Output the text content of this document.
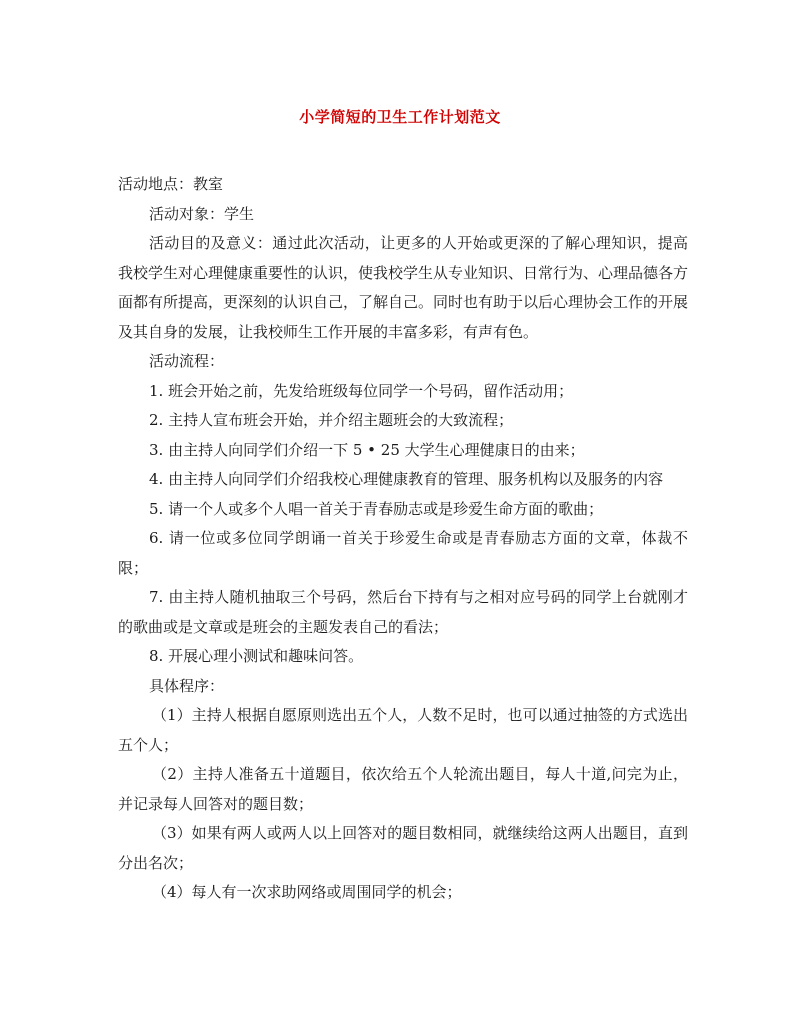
小学简短的卫生工作计划范文

活动地点：教室

活动对象：学生

活动目的及意义：通过此次活动，让更多的人开始或更深的了解心理知识，提高我校学生对心理健康重要性的认识，使我校学生从专业知识、日常行为、心理品德各方面都有所提高，更深刻的认识自己，了解自己。同时也有助于以后心理协会工作的开展及其自身的发展，让我校师生工作开展的丰富多彩，有声有色。

活动流程：

1. 班会开始之前，先发给班级每位同学一个号码，留作活动用；

2. 主持人宣布班会开始，并介绍主题班会的大致流程；

3. 由主持人向同学们介绍一下 5 • 25 大学生心理健康日的由来；

4. 由主持人向同学们介绍我校心理健康教育的管理、服务机构以及服务的内容

5. 请一个人或多个人唱一首关于青春励志或是珍爱生命方面的歌曲；

6. 请一位或多位同学朗诵一首关于珍爱生命或是青春励志方面的文章，体裁不限；

7. 由主持人随机抽取三个号码，然后台下持有与之相对应号码的同学上台就刚才的歌曲或是文章或是班会的主题发表自己的看法；

8. 开展心理小测试和趣味问答。

具体程序：

（1）主持人根据自愿原则选出五个人，人数不足时，也可以通过抽签的方式选出五个人；

（2）主持人准备五十道题目，依次给五个人轮流出题目，每人十道,问完为止，并记录每人回答对的题目数；

（3）如果有两人或两人以上回答对的题目数相同，就继续给这两人出题目，直到分出名次；

（4）每人有一次求助网络或周围同学的机会；
